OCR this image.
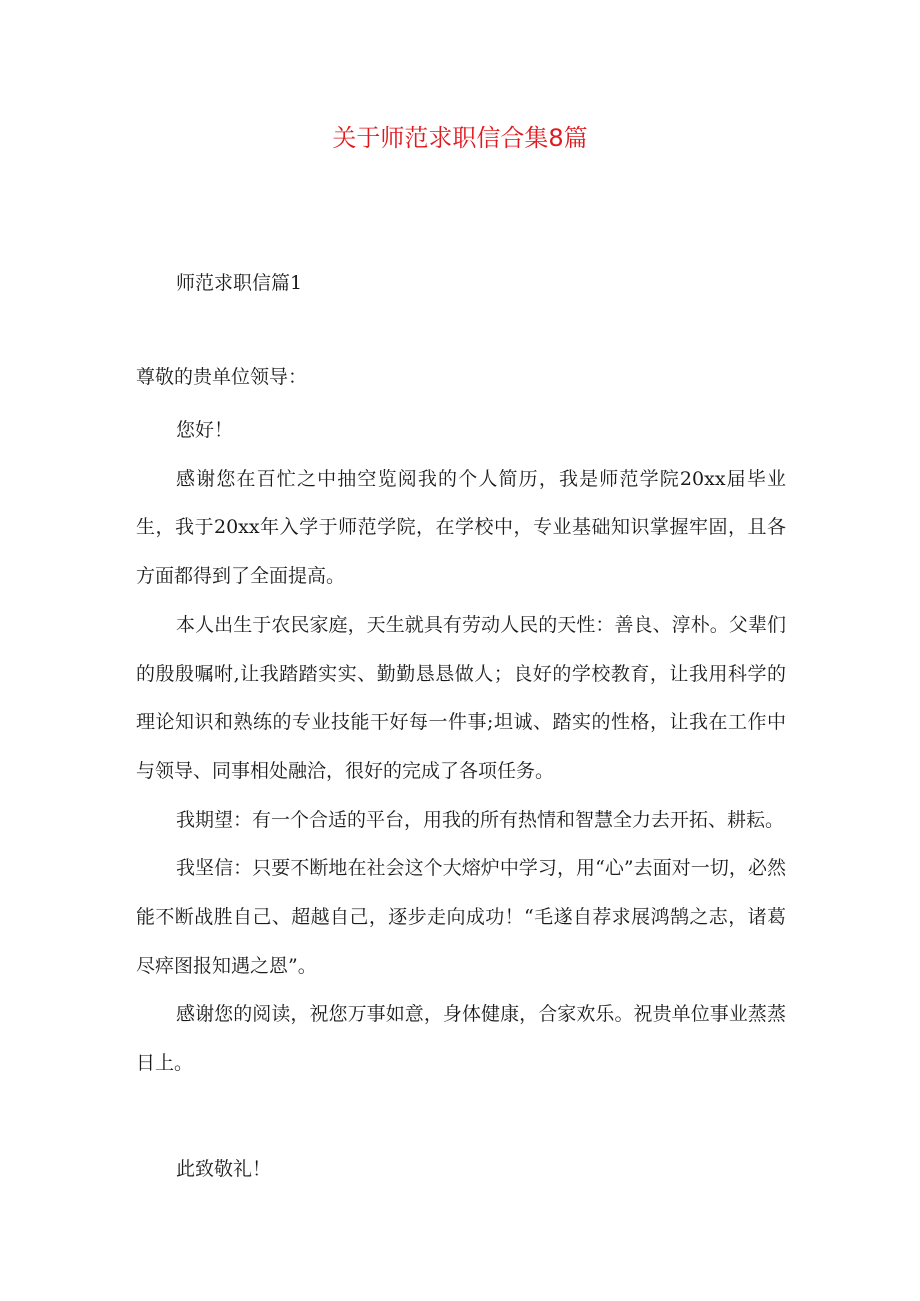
关于师范求职信合集8篇
师范求职信篇1

尊敬的贵单位领导：

您好！

感谢您在百忙之中抽空览阅我的个人简历，我是师范学院20xx届毕业生，我于20xx年入学于师范学院，在学校中，专业基础知识掌握牢固，且各方面都得到了全面提高。

本人出生于农民家庭，天生就具有劳动人民的天性：善良、淳朴。父辈们的殷殷嘱咐,让我踏踏实实、勤勤恳恳做人；良好的学校教育，让我用科学的理论知识和熟练的专业技能干好每一件事;坦诚、踏实的性格，让我在工作中与领导、同事相处融洽，很好的完成了各项任务。

我期望：有一个合适的平台，用我的所有热情和智慧全力去开拓、耕耘。

我坚信：只要不断地在社会这个大熔炉中学习，用“心”去面对一切，必然能不断战胜自己、超越自己，逐步走向成功！“毛遂自荐求展鸿鹄之志，诸葛尽瘁图报知遇之恩”。

感谢您的阅读，祝您万事如意，身体健康，合家欢乐。祝贵单位事业蒸蒸日上。

此致敬礼！
